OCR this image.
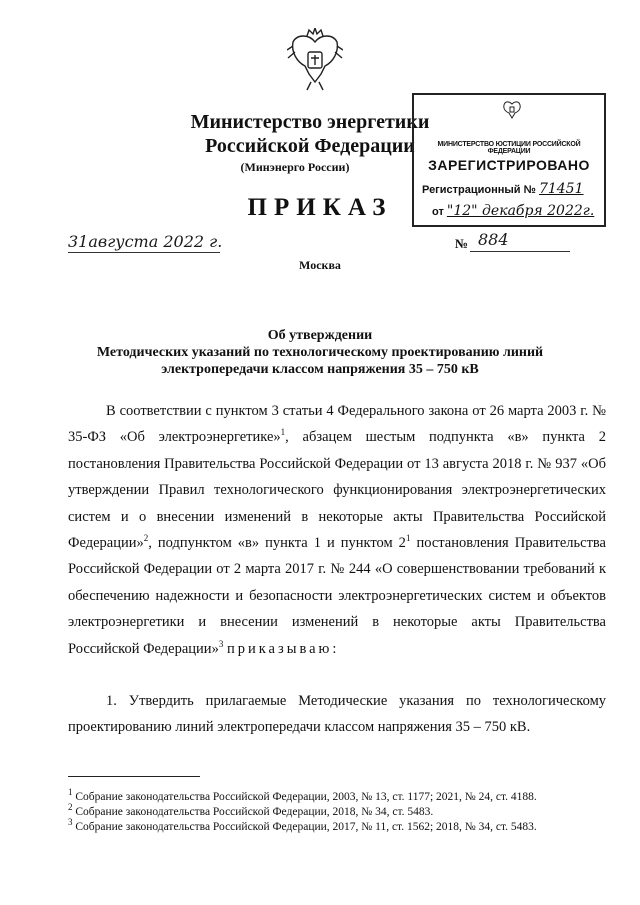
Министерство энергетики
Российской Федерации
(Минэнерго России)
ПРИКАЗ
31августа 2022 г.	№ 884
Москва
МИНИСТЕРСТВО ЮСТИЦИИ РОССИЙСКОЙ ФЕДЕРАЦИИ
ЗАРЕГИСТРИРОВАНО
Регистрационный № 71451
от "12" декабря 2022г.
Об утверждении
Методических указаний по технологическому проектированию линий
электропередачи классом напряжения 35 – 750 кВ

В соответствии с пунктом 3 статьи 4 Федерального закона от 26 марта 2003 г. № 35-ФЗ «Об электроэнергетике»$^1$, абзацем шестым подпункта «в» пункта 2 постановления Правительства Российской Федерации от 13 августа 2018 г. № 937 «Об утверждении Правил технологического функционирования электроэнергетических систем и о внесении изменений в некоторые акты Правительства Российской Федерации»$^2$, подпунктом «в» пункта 1 и пунктом $2^1$ постановления Правительства Российской Федерации от 2 марта 2017 г. № 244 «О совершенствовании требований к обеспечению надежности и безопасности электроэнергетических систем и объектов электроэнергетики и внесении изменений в некоторые акты Правительства Российской Федерации»$^3$ приказываю:

1. Утвердить прилагаемые Методические указания по технологическому проектированию линий электропередачи классом напряжения 35 – 750 кВ.

$^1$ Собрание законодательства Российской Федерации, 2003, № 13, ст. 1177; 2021, № 24, ст. 4188.
$^2$ Собрание законодательства Российской Федерации, 2018, № 34, ст. 5483.
$^3$ Собрание законодательства Российской Федерации, 2017, № 11, ст. 1562; 2018, № 34, ст. 5483.
